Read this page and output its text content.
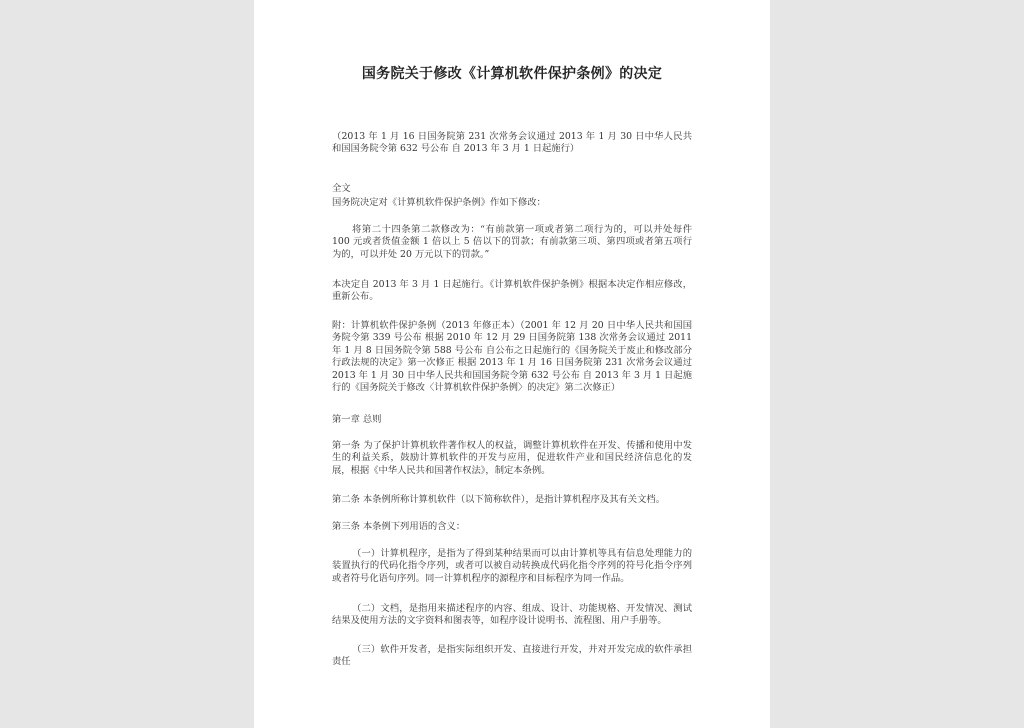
国务院关于修改《计算机软件保护条例》的决定

（2013 年 1 月 16 日国务院第 231 次常务会议通过 2013 年 1 月 30 日中华人民共和国国务院令第 632 号公布 自 2013 年 3 月 1 日起施行）

全文

国务院决定对《计算机软件保护条例》作如下修改：

将第二十四条第二款修改为：“有前款第一项或者第二项行为的，可以并处每件 100 元或者货值金额 1 倍以上 5 倍以下的罚款；有前款第三项、第四项或者第五项行为的，可以并处 20 万元以下的罚款。”

本决定自 2013 年 3 月 1 日起施行。《计算机软件保护条例》根据本决定作相应修改，重新公布。

附：计算机软件保护条例（2013 年修正本）（2001 年 12 月 20 日中华人民共和国国务院令第 339 号公布 根据 2010 年 12 月 29 日国务院第 138 次常务会议通过 2011 年 1 月 8 日国务院令第 588 号公布 自公布之日起施行的《国务院关于废止和修改部分行政法规的决定》第一次修正 根据 2013 年 1 月 16 日国务院第 231 次常务会议通过 2013 年 1 月 30 日中华人民共和国国务院令第 632 号公布 自 2013 年 3 月 1 日起施行的《国务院关于修改〈计算机软件保护条例〉的决定》第二次修正）

第一章 总则

第一条 为了保护计算机软件著作权人的权益，调整计算机软件在开发、传播和使用中发生的利益关系，鼓励计算机软件的开发与应用，促进软件产业和国民经济信息化的发展，根据《中华人民共和国著作权法》，制定本条例。

第二条 本条例所称计算机软件（以下简称软件），是指计算机程序及其有关文档。

第三条 本条例下列用语的含义：

（一）计算机程序，是指为了得到某种结果而可以由计算机等具有信息处理能力的装置执行的代码化指令序列，或者可以被自动转换成代码化指令序列的符号化指令序列或者符号化语句序列。同一计算机程序的源程序和目标程序为同一作品。

（二）文档，是指用来描述程序的内容、组成、设计、功能规格、开发情况、测试结果及使用方法的文字资料和图表等，如程序设计说明书、流程图、用户手册等。

（三）软件开发者，是指实际组织开发、直接进行开发，并对开发完成的软件承担责任
